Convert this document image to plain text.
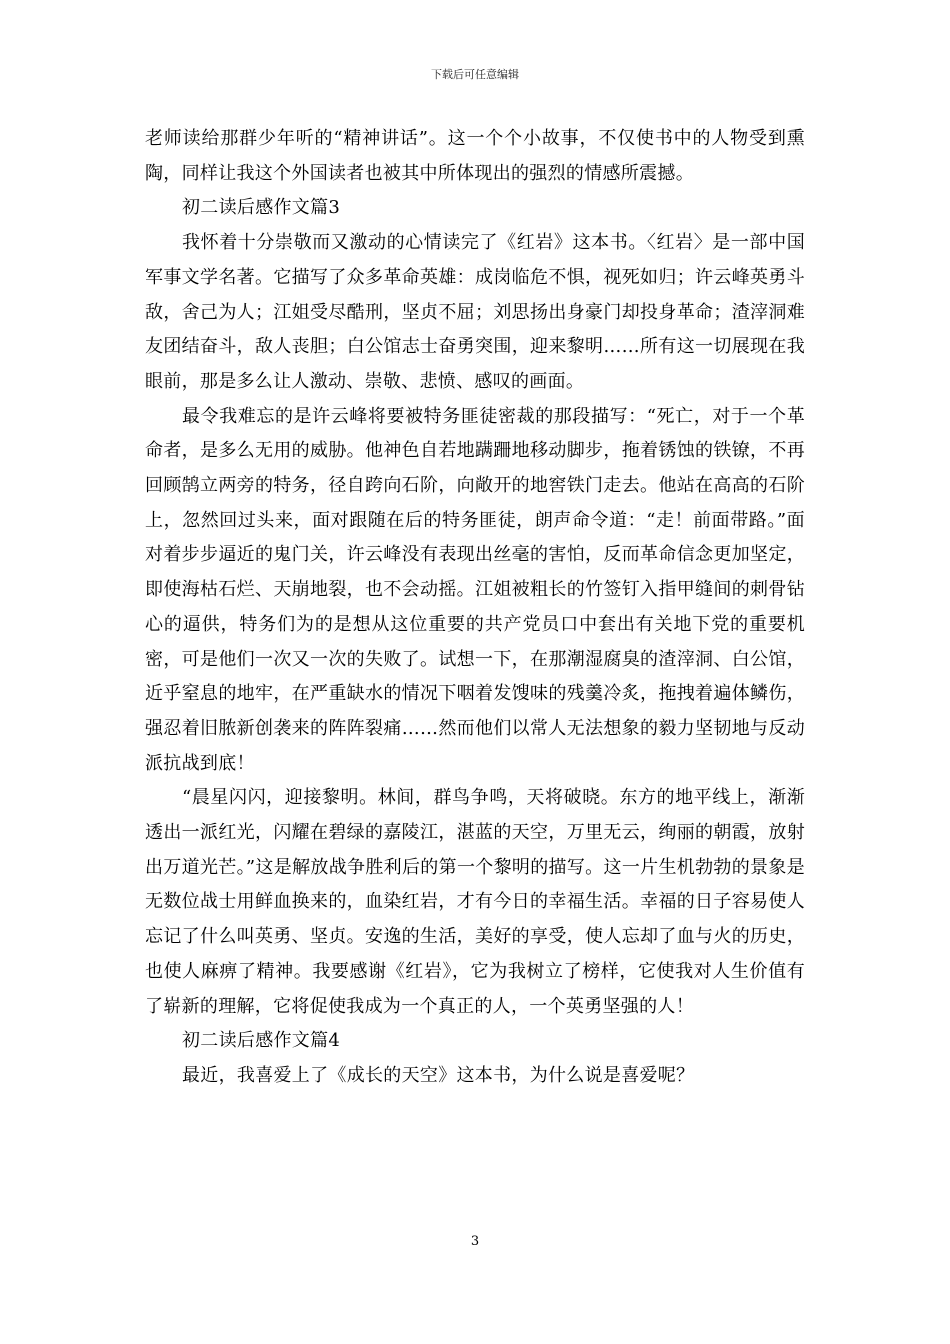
下载后可任意编辑

老师读给那群少年听的“精神讲话”。这一个个小故事，不仅使书中的人物受到熏陶，同样让我这个外国读者也被其中所体现出的强烈的情感所震撼。

初二读后感作文篇3

我怀着十分崇敬而又激动的心情读完了《红岩》这本书。〈红岩〉是一部中国军事文学名著。它描写了众多革命英雄：成岗临危不惧，视死如归；许云峰英勇斗敌，舍己为人；江姐受尽酷刑，坚贞不屈；刘思扬出身豪门却投身革命；渣滓洞难友团结奋斗，敌人丧胆；白公馆志士奋勇突围，迎来黎明……所有这一切展现在我眼前，那是多么让人激动、崇敬、悲愤、感叹的画面。

最令我难忘的是许云峰将要被特务匪徒密裁的那段描写：“死亡，对于一个革命者，是多么无用的威胁。他神色自若地蹒跚地移动脚步，拖着锈蚀的铁镣，不再回顾鹄立两旁的特务，径自跨向石阶，向敞开的地窖铁门走去。他站在高高的石阶上，忽然回过头来，面对跟随在后的特务匪徒，朗声命令道：“走！前面带路。”面对着步步逼近的鬼门关，许云峰没有表现出丝毫的害怕，反而革命信念更加坚定，即使海枯石烂、天崩地裂，也不会动摇。江姐被粗长的竹签钉入指甲缝间的刺骨钻心的逼供，特务们为的是想从这位重要的共产党员口中套出有关地下党的重要机密，可是他们一次又一次的失败了。试想一下，在那潮湿腐臭的渣滓洞、白公馆，近乎窒息的地牢，在严重缺水的情况下咽着发馊味的残羹冷炙，拖拽着遍体鳞伤，强忍着旧脓新创袭来的阵阵裂痛……然而他们以常人无法想象的毅力坚韧地与反动派抗战到底！

“晨星闪闪，迎接黎明。林间，群鸟争鸣，天将破晓。东方的地平线上，渐渐透出一派红光，闪耀在碧绿的嘉陵江，湛蓝的天空，万里无云，绚丽的朝霞，放射出万道光芒。”这是解放战争胜利后的第一个黎明的描写。这一片生机勃勃的景象是无数位战士用鲜血换来的，血染红岩，才有今日的幸福生活。幸福的日子容易使人忘记了什么叫英勇、坚贞。安逸的生活，美好的享受，使人忘却了血与火的历史，也使人麻痹了精神。我要感谢《红岩》，它为我树立了榜样，它使我对人生价值有了崭新的理解，它将促使我成为一个真正的人，一个英勇坚强的人！

初二读后感作文篇4

最近，我喜爱上了《成长的天空》这本书，为什么说是喜爱呢？

3
